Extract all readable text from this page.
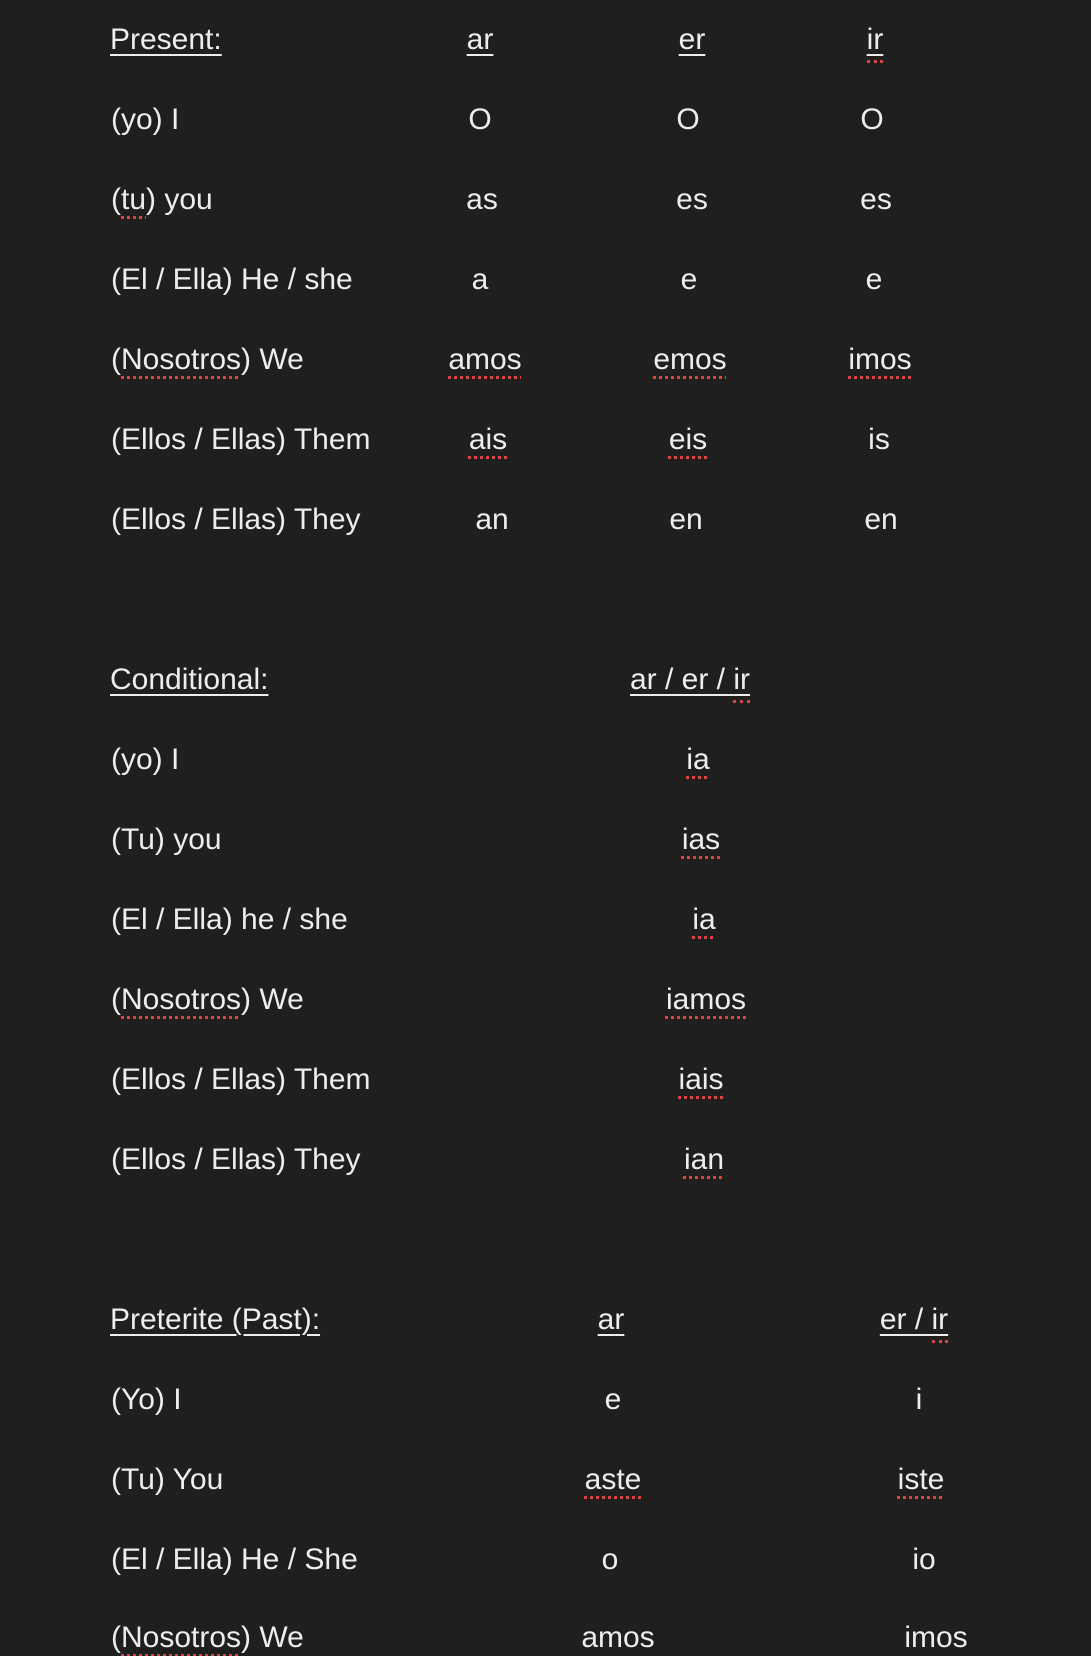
Present:	ar	er	ir
(yo) I	O	O	O
(tu) you	as	es	es
(El / Ella) He / she	a	e	e
(Nosotros) We	amos	emos	imos
(Ellos / Ellas) Them	ais	eis	is
(Ellos / Ellas) They	an	en	en
Conditional:	ar / er / ir
(yo) I	ia
(Tu) you	ias
(El / Ella) he / she	ia
(Nosotros) We	iamos
(Ellos / Ellas) Them	iais
(Ellos / Ellas) They	ian
Preterite (Past):	ar	er / ir
(Yo) I	e	i
(Tu) You	aste	iste
(El / Ella) He / She	o	io
(Nosotros) We	amos	imos
